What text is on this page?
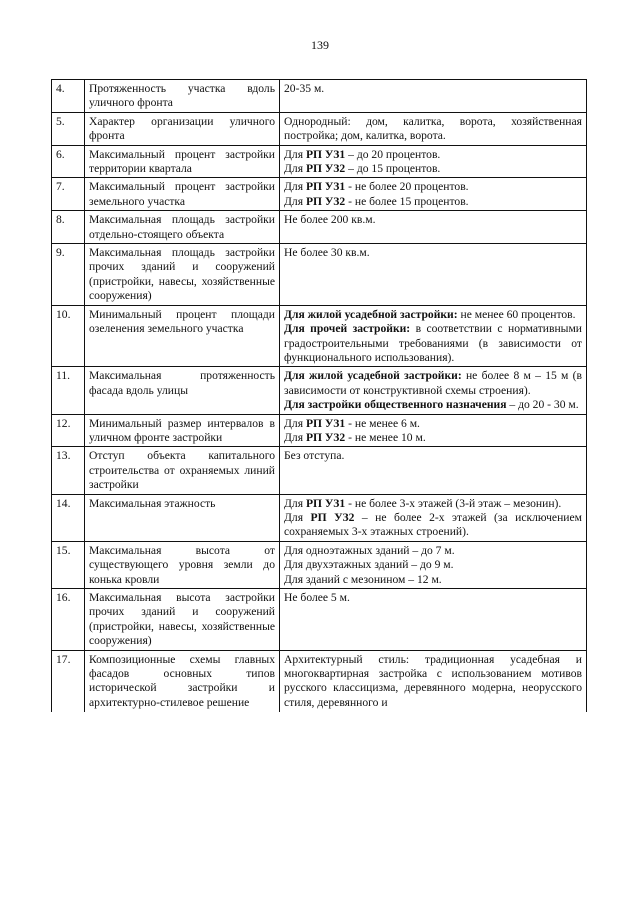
139
4.	Протяженность участка вдоль уличного фронта	20-35 м.
5.	Характер организации уличного фронта	Однородный: дом, калитка, ворота, хозяйственная постройка; дом, калитка, ворота.
6.	Максимальный процент застройки территории квартала	Для РП УЗ1 – до 20 процентов.
Для РП УЗ2 – до 15 процентов.

7.	Максимальный процент застройки земельного участка	Для РП УЗ1 - не более 20 процентов.
Для РП УЗ2 - не более 15 процентов.

8.	Максимальная площадь застройки отдельно-стоящего объекта	Не более 200 кв.м.
9.	Максимальная площадь застройки прочих зданий и сооружений (пристройки, навесы, хозяйственные сооружения)	Не более 30 кв.м.
10.	Минимальный процент площади озеленения земельного участка	Для жилой усадебной застройки: не менее 60 процентов.
Для прочей застройки: в соответствии с нормативными градостроительными требованиями (в зависимости от функционального использования).

11.	Максимальная протяженность фасада вдоль улицы	Для жилой усадебной застройки: не более 8 м – 15 м (в зависимости от конструктивной схемы строения).
Для застройки общественного назначения – до 20 - 30 м.

12.	Минимальный размер интервалов в уличном фронте застройки	Для РП УЗ1 - не менее 6 м.
Для РП УЗ2 - не менее 10 м.

13.	Отступ объекта капитального строительства от охраняемых линий застройки	Без отступа.
14.	Максимальная этажность	Для РП УЗ1 - не более 3-х этажей (3-й этаж – мезонин).
Для РП УЗ2 – не более 2-х этажей (за исключением сохраняемых 3-х этажных строений).

15.	Максимальная высота от существующего уровня земли до конька кровли	Для одноэтажных зданий – до 7 м.
Для двухэтажных зданий – до 9 м.
Для зданий с мезонином – 12 м.

16.	Максимальная высота застройки прочих зданий и сооружений (пристройки, навесы, хозяйственные сооружения)	Не более 5 м.
17.	Композиционные схемы главных фасадов основных типов исторической застройки и архитектурно-стилевое решение	Архитектурный стиль: традиционная усадебная и многоквартирная застройка с использованием мотивов русского классицизма, деревянного модерна, неорусского стиля, деревянного и
